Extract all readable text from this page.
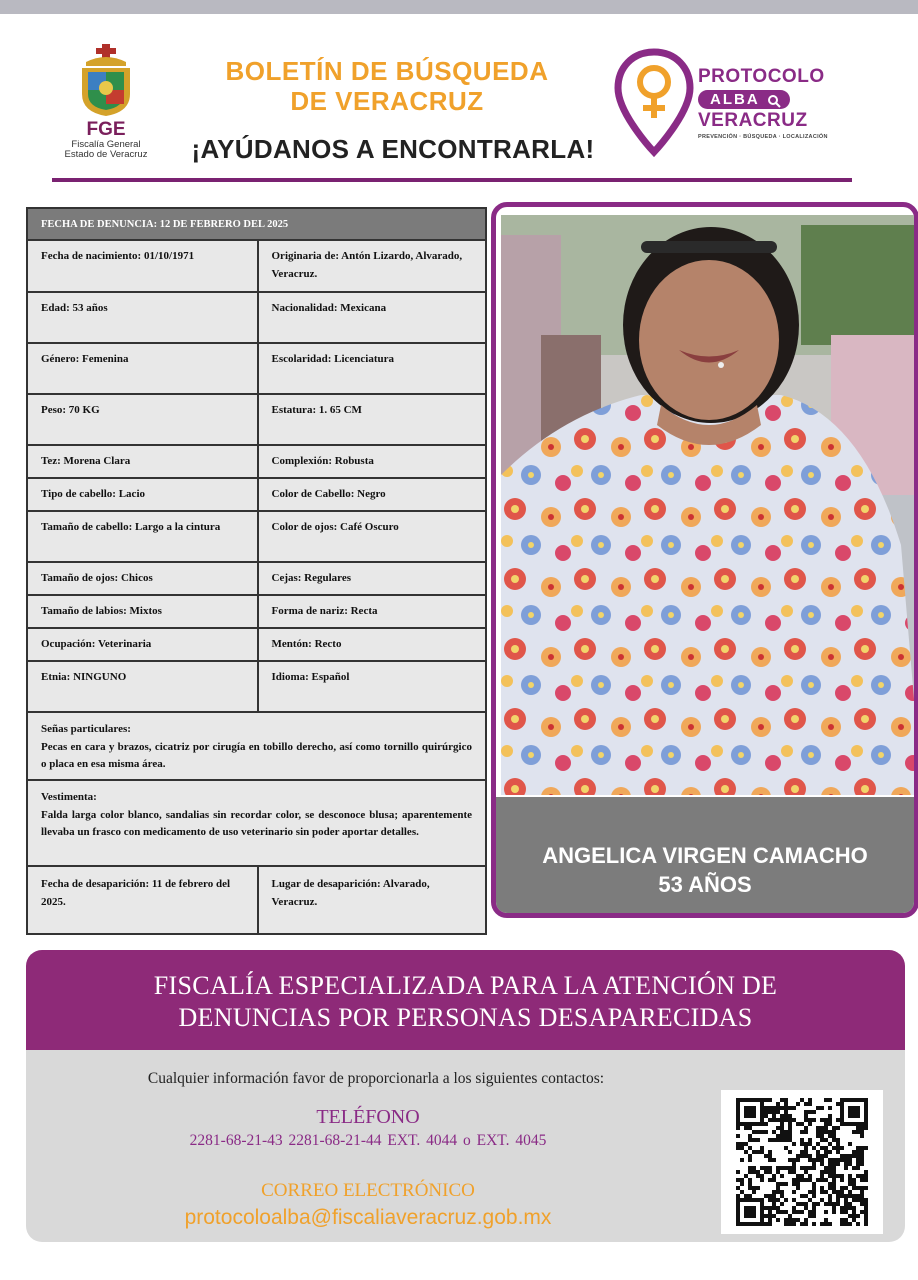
FGE
Fiscalía General
Estado de Veracruz
BOLETÍN DE BÚSQUEDA
DE VERACRUZ
¡AYÚDANOS A ENCONTRARLA!
PROTOCOLO
ALBA
VERACRUZ
PREVENCIÓN · BÚSQUEDA · LOCALIZACIÓN
FECHA DE DENUNCIA: 12 DE FEBRERO DEL 2025
Fecha de nacimiento: 01/10/1971	Originaria de: Antón Lizardo, Alvarado, Veracruz.
Edad: 53 años	Nacionalidad: Mexicana
Género: Femenina	Escolaridad: Licenciatura
Peso: 70 KG	Estatura: 1. 65 CM
Tez: Morena Clara	Complexión: Robusta
Tipo de cabello: Lacio	Color de Cabello: Negro
Tamaño de cabello: Largo a la cintura	Color de ojos: Café Oscuro
Tamaño de ojos: Chicos	Cejas: Regulares
Tamaño de labios: Mixtos	Forma de nariz: Recta
Ocupación: Veterinaria	Mentón: Recto
Etnia: NINGUNO	Idioma: Español
Señas particulares:
Pecas en cara y brazos, cicatriz por cirugía en tobillo derecho, así como tornillo quirúrgico o placa en esa misma área.
Vestimenta:
Falda larga color blanco, sandalias sin recordar color, se desconoce blusa; aparentemente llevaba un frasco con medicamento de uso veterinario sin poder aportar detalles.
Fecha de desaparición: 11 de febrero del 2025.
Lugar de desaparición: Alvarado, Veracruz.
ANGELICA VIRGEN CAMACHO
53 AÑOS
FISCALÍA ESPECIALIZADA PARA LA ATENCIÓN DE
DENUNCIAS POR PERSONAS DESAPARECIDAS
Cualquier información favor de proporcionarla a los siguientes contactos:
TELÉFONO
2281-68-21-43 2281-68-21-44 EXT. 4044 o EXT. 4045
CORREO ELECTRÓNICO
protocoloalba@fiscaliaveracruz.gob.mx
